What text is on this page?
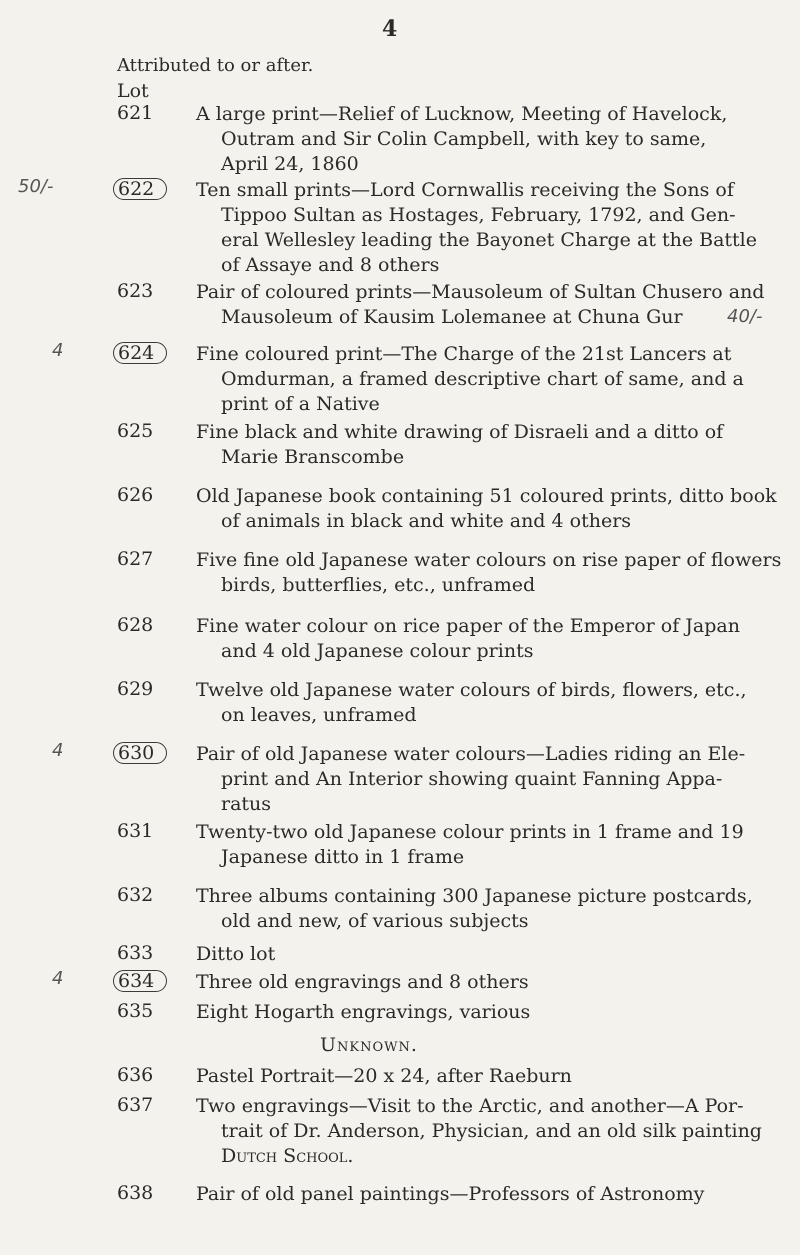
4
Attributed to or after.
Lot
621	A large print—Relief of Lucknow, Meeting of Havelock,
Outram and Sir Colin Campbell, with key to same,
April 24, 1860
50/-	622	Ten small prints—Lord Cornwallis receiving the Sons of
Tippoo Sultan as Hostages, February, 1792, and Gen-
eral Wellesley leading the Bayonet Charge at the Battle
of Assaye and 8 others
623	Pair of coloured prints—Mausoleum of Sultan Chusero and
Mausoleum of Kausim Lolemanee at Chuna Gur	40/-
4	624	Fine coloured print—The Charge of the 21st Lancers at
Omdurman, a framed descriptive chart of same, and a
print of a Native
625	Fine black and white drawing of Disraeli and a ditto of
Marie Branscombe
626	Old Japanese book containing 51 coloured prints, ditto book
of animals in black and white and 4 others
627	Five fine old Japanese water colours on rise paper of flowers
birds, butterflies, etc., unframed
628	Fine water colour on rice paper of the Emperor of Japan
and 4 old Japanese colour prints
629	Twelve old Japanese water colours of birds, flowers, etc.,
on leaves, unframed
4	630	Pair of old Japanese water colours—Ladies riding an Ele-
print and An Interior showing quaint Fanning Appa-
ratus
631	Twenty-two old Japanese colour prints in 1 frame and 19
Japanese ditto in 1 frame
632	Three albums containing 300 Japanese picture postcards,
old and new, of various subjects
633	Ditto lot
4	634	Three old engravings and 8 others
635	Eight Hogarth engravings, various
Unknown.
636	Pastel Portrait—20 x 24, after Raeburn
637	Two engravings—Visit to the Arctic, and another—A Por-
trait of Dr. Anderson, Physician, and an old silk painting
Dutch School.
638	Pair of old panel paintings—Professors of Astronomy
